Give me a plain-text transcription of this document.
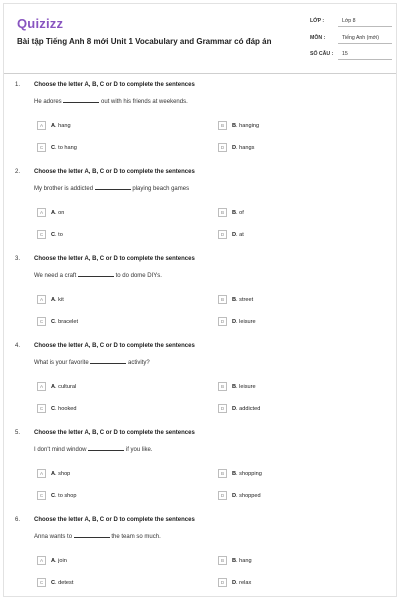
Quizizz
Bài tập Tiếng Anh 8 mới Unit 1 Vocabulary and Grammar có đáp án
LỚP :	Lớp 8
MÔN :	Tiếng Anh (mới)
SỐ CÂU : 15
1. Choose the letter A, B, C or D to complete the sentences
He adores	out with his friends at weekends.
A	A. hang	B	B. hanging
C	C. to hang	D	D. hangs
2. Choose the letter A, B, C or D to complete the sentences
My brother is addicted	playing beach games
A	A. on	B	B. of
C	C. to	D	D. at
3. Choose the letter A, B, C or D to complete the sentences
We need a craft	to do dome DIYs.
A	A. kit	B	B. street
C	C. bracelet	D	D. leisure
4. Choose the letter A, B, C or D to complete the sentences
What is your favorite	activity?
A	A. cultural	B	B. leisure
C	C. hooked	D	D. addicted
5. Choose the letter A, B, C or D to complete the sentences
I don't mind window	if you like.
A	A. shop	B	B. shopping
C	C. to shop	D	D. shopped
6. Choose the letter A, B, C or D to complete the sentences
Anna wants to	the team so much.
A	A. join	B	B. hang
C	C. detest	D	D. relax
